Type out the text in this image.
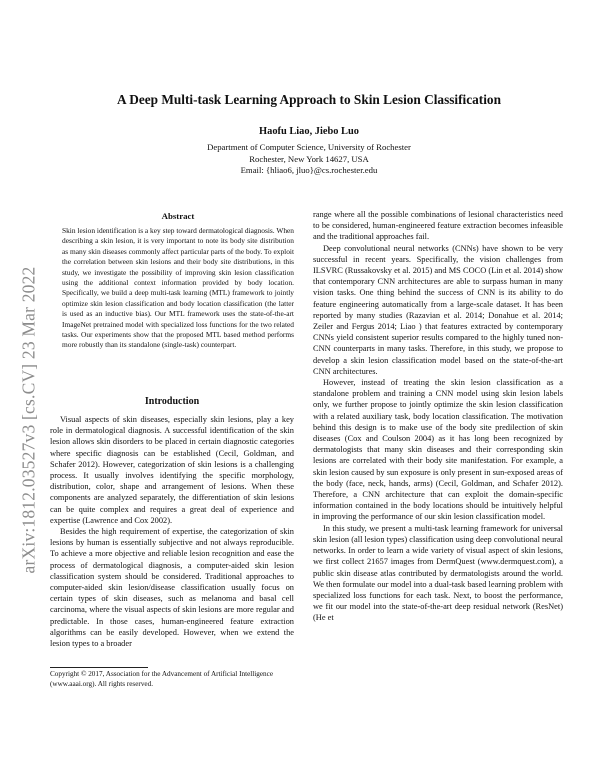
arXiv:1812.03527v3 [cs.CV] 23 Mar 2022
A Deep Multi-task Learning Approach to Skin Lesion Classification
Haofu Liao, Jiebo Luo
Department of Computer Science, University of Rochester
Rochester, New York 14627, USA
Email: {hliao6, jluo}@cs.rochester.edu
Abstract

Skin lesion identification is a key step toward dermatological diagnosis. When describing a skin lesion, it is very important to note its body site distribution as many skin diseases commonly affect particular parts of the body. To exploit the correlation between skin lesions and their body site distributions, in this study, we investigate the possibility of improving skin lesion classification using the additional context information provided by body location. Specifically, we build a deep multi-task learning (MTL) framework to jointly optimize skin lesion classification and body location classification (the latter is used as an inductive bias). Our MTL framework uses the state-of-the-art ImageNet pretrained model with specialized loss functions for the two related tasks. Our experiments show that the proposed MTL based method performs more robustly than its standalone (single-task) counterpart.

Introduction

Visual aspects of skin diseases, especially skin lesions, play a key role in dermatological diagnosis. A successful identification of the skin lesion allows skin disorders to be placed in certain diagnostic categories where specific diagnosis can be established (Cecil, Goldman, and Schafer 2012). However, categorization of skin lesions is a challenging process. It usually involves identifying the specific morphology, distribution, color, shape and arrangement of lesions. When these components are analyzed separately, the differentiation of skin lesions can be quite complex and requires a great deal of experience and expertise (Lawrence and Cox 2002).

Besides the high requirement of expertise, the categorization of skin lesions by human is essentially subjective and not always reproducible. To achieve a more objective and reliable lesion recognition and ease the process of dermatological diagnosis, a computer-aided skin lesion classification system should be considered. Traditional approaches to computer-aided skin lesion/disease classification usually focus on certain types of skin diseases, such as melanoma and basal cell carcinoma, where the visual aspects of skin lesions are more regular and predictable. In those cases, human-engineered feature extraction algorithms can be easily developed. However, when we extend the lesion types to a broader

range where all the possible combinations of lesional characteristics need to be considered, human-engineered feature extraction becomes infeasible and the traditional approaches fail.

Deep convolutional neural networks (CNNs) have shown to be very successful in recent years. Specifically, the vision challenges from ILSVRC (Russakovsky et al. 2015) and MS COCO (Lin et al. 2014) show that contemporary CNN architectures are able to surpass human in many vision tasks. One thing behind the success of CNN is its ability to do feature engineering automatically from a large-scale dataset. It has been reported by many studies (Razavian et al. 2014; Donahue et al. 2014; Zeiler and Fergus 2014; Liao ) that features extracted by contemporary CNNs yield consistent superior results compared to the highly tuned non-CNN counterparts in many tasks. Therefore, in this study, we propose to develop a skin lesion classification model based on the state-of-the-art CNN architectures.

However, instead of treating the skin lesion classification as a standalone problem and training a CNN model using skin lesion labels only, we further propose to jointly optimize the skin lesion classification with a related auxiliary task, body location classification. The motivation behind this design is to make use of the body site predilection of skin diseases (Cox and Coulson 2004) as it has long been recognized by dermatologists that many skin diseases and their corresponding skin lesions are correlated with their body site manifestation. For example, a skin lesion caused by sun exposure is only present in sun-exposed areas of the body (face, neck, hands, arms) (Cecil, Goldman, and Schafer 2012). Therefore, a CNN architecture that can exploit the domain-specific information contained in the body locations should be intuitively helpful in improving the performance of our skin lesion classification model.

In this study, we present a multi-task learning framework for universal skin lesion (all lesion types) classification using deep convolutional neural networks. In order to learn a wide variety of visual aspect of skin lesions, we first collect 21657 images from DermQuest (www.dermquest.com), a public skin disease atlas contributed by dermatologists around the world. We then formulate our model into a dual-task based learning problem with specialized loss functions for each task. Next, to boost the performance, we fit our model into the state-of-the-art deep residual network (ResNet) (He et

Copyright © 2017, Association for the Advancement of Artificial Intelligence (www.aaai.org). All rights reserved.
